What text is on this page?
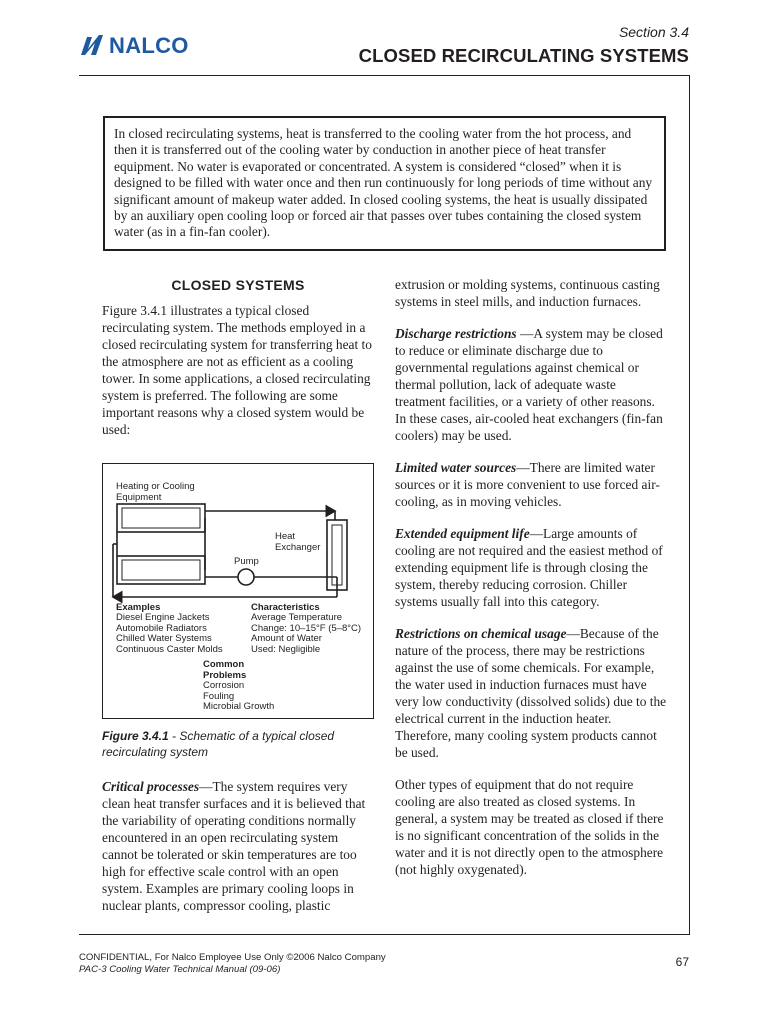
NALCO
Section 3.4
CLOSED RECIRCULATING SYSTEMS

In closed recirculating systems, heat is transferred to the cooling water from the hot process, and then it is transferred out of the cooling water by conduction in another piece of heat transfer equipment. No water is evaporated or concentrated. A system is considered “closed” when it is designed to be filled with water once and then run continuously for long periods of time without any significant amount of makeup water added. In closed cooling systems, the heat is usually dissipated by an auxiliary open cooling loop or forced air that passes over tubes containing the closed system water (as in a fin-fan cooler).

CLOSED SYSTEMS

Figure 3.4.1 illustrates a typical closed recirculating system. The methods employed in a closed recirculating system for transferring heat to the atmosphere are not as efficient as a cooling tower. In some applications, a closed recirculating system is preferred. The following are some important reasons why a closed system would be used:

Heating or Cooling
Equipment
Heat
Exchanger
Pump
Examples
Diesel Engine Jackets
Automobile Radiators
Chilled Water Systems
Continuous Caster Molds
Characteristics
Average Temperature
Change: 10–15°F (5–8°C)
Amount of Water
Used: Negligible
Common
Problems
Corrosion
Fouling
Microbial Growth
Figure 3.4.1 - Schematic of a typical closed recirculating system

Critical processes—The system requires very clean heat transfer surfaces and it is believed that the variability of operating conditions normally encountered in an open recirculating system cannot be tolerated or skin temperatures are too high for effective scale control with an open system. Examples are primary cooling loops in nuclear plants, compressor cooling, plastic

extrusion or molding systems, continuous casting systems in steel mills, and induction furnaces.

Discharge restrictions —A system may be closed to reduce or eliminate discharge due to governmental regulations against chemical or thermal pollution, lack of adequate waste treatment facilities, or a variety of other reasons. In these cases, air-cooled heat exchangers (fin-fan coolers) may be used.

Limited water sources—There are limited water sources or it is more convenient to use forced air-cooling, as in moving vehicles.

Extended equipment life—Large amounts of cooling are not required and the easiest method of extending equipment life is through closing the system, thereby reducing corrosion. Chiller systems usually fall into this category.

Restrictions on chemical usage—Because of the nature of the process, there may be restrictions against the use of some chemicals. For example, the water used in induction furnaces must have very low conductivity (dissolved solids) due to the electrical current in the induction heater. Therefore, many cooling system products cannot be used.

Other types of equipment that do not require cooling are also treated as closed systems. In general, a system may be treated as closed if there is no significant concentration of the solids in the water and it is not directly open to the atmosphere (not highly oxygenated).

CONFIDENTIAL, For Nalco Employee Use Only ©2006 Nalco Company
PAC-3 Cooling Water Technical Manual (09-06)
67
